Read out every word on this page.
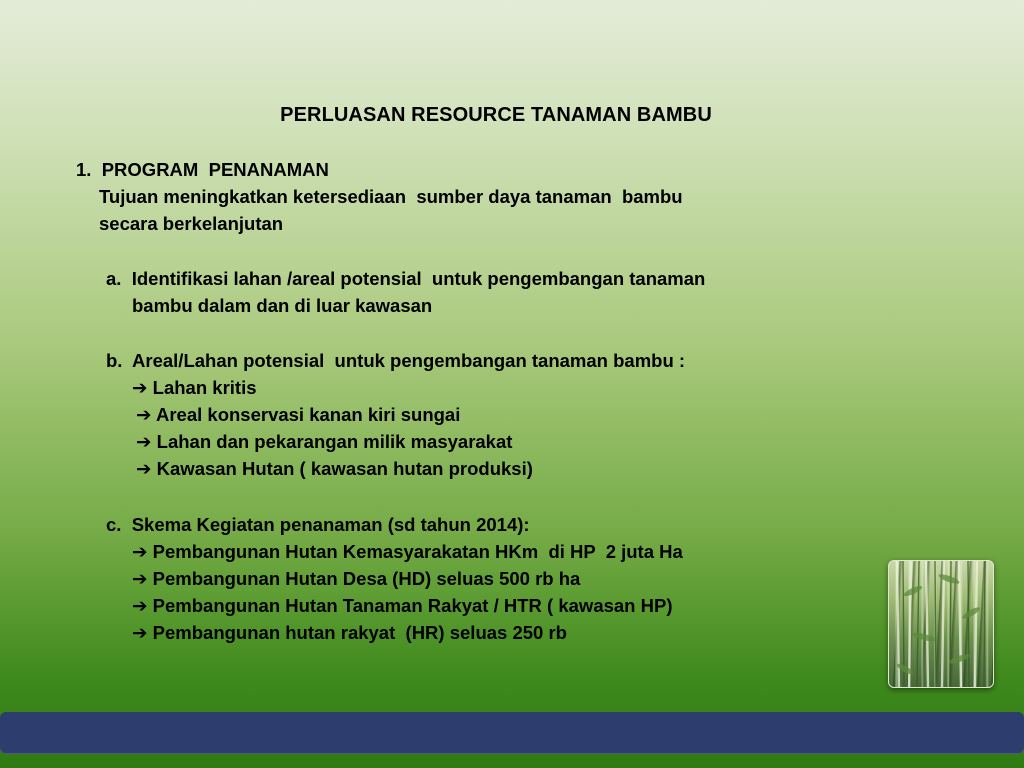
PERLUASAN RESOURCE TANAMAN BAMBU
1.  PROGRAM  PENANAMAN
Tujuan meningkatkan ketersediaan  sumber daya tanaman  bambu
secara berkelanjutan
a.  Identifikasi lahan /areal potensial  untuk pengembangan tanaman
bambu dalam dan di luar kawasan
b.  Areal/Lahan potensial  untuk pengembangan tanaman bambu :
➔ Lahan kritis
➔ Areal konservasi kanan kiri sungai
➔ Lahan dan pekarangan milik masyarakat
➔ Kawasan Hutan ( kawasan hutan produksi)
c.  Skema Kegiatan penanaman (sd tahun 2014):
➔ Pembangunan Hutan Kemasyarakatan HKm  di HP  2 juta Ha
➔ Pembangunan Hutan Desa (HD) seluas 500 rb ha
➔ Pembangunan Hutan Tanaman Rakyat / HTR ( kawasan HP)
➔ Pembangunan hutan rakyat  (HR) seluas 250 rb
